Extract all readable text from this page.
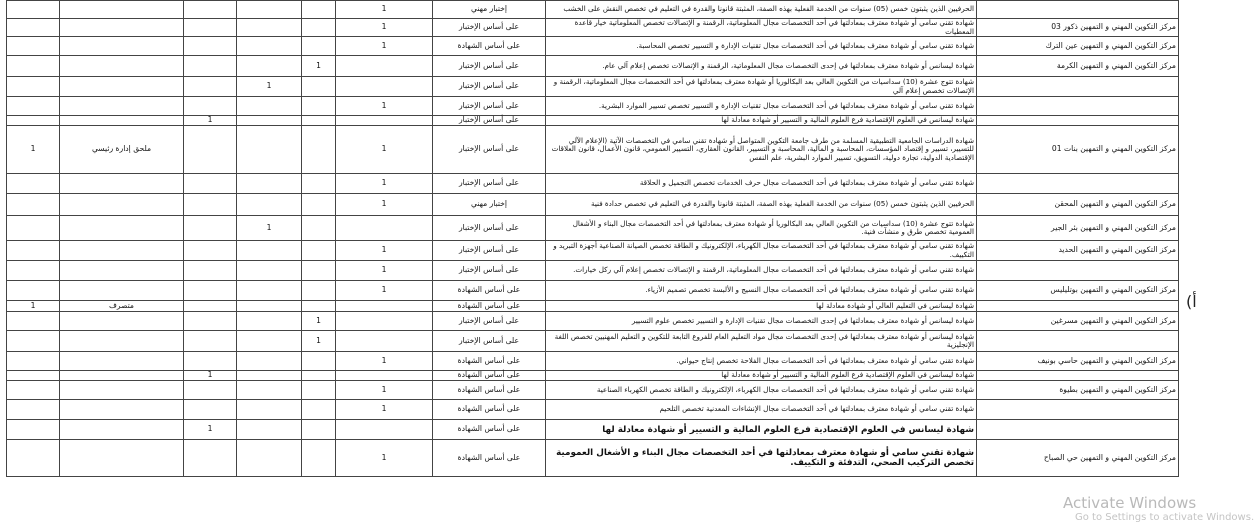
					1	إختبار مهني	الحرفيين الذين يثبتون خمس (05) سنوات من الخدمة الفعلية بهذه الصفة، المثبتة قانونا والقدرة في التعليم في تخصص النقش على الخشب	
					1	على أساس الإختبار	شهادة تقني سامي أو شهادة معترف بمعادلتها في أحد التخصصات مجال المعلوماتية، الرقمنة و الإتصالات تخصص المعلوماتية خيار قاعدة المعطيات	مركز التكوين المهني و التمهين ذكور 03
					1	على أساس الشهادة	شهادة تقني سامي أو شهادة معترف بمعادلتها في أحد التخصصات مجال تقنيات الإدارة و التسيير تخصص المحاسبة.	مركز التكوين المهني و التمهين عين الترك
				1		على أساس الإختبار	شهادة ليسانس أو شهادة معترف بمعادلتها في إحدى التخصصات مجال المعلوماتية، الرقمنة و الإتصالات تخصص إعلام آلي عام.	مركز التكوين المهني و التمهين الكرمة
			1			على أساس الإختبار	شهادة تتوج عشرة (10) سداسيات من التكوين العالي بعد البكالوريا أو شهادة معترف بمعادلتها في أحد التخصصات مجال المعلوماتية، الرقمنة و الإتصالات تخصص إعلام آلي	
					1	على أساس الإختبار	شهادة تقني سامي أو شهادة معترف بمعادلتها في أحد التخصصات مجال تقنيات الإدارة و التسيير تخصص تسيير الموارد البشرية.	
		1				على أساس الإختبار	شهادة ليسانس في العلوم الإقتصادية فرع العلوم المالية و التسيير أو شهادة معادلة لها	
1	ملحق إدارة رئيسي				1	على أساس الإختبار	شهادة الدراسات الجامعية التطبيقية المسلمة من طرف جامعة التكوين المتواصل أو شهادة تقني سامي في التخصصات الآتية (الإعلام الآلي للتسيير، تسيير و إقتصاد المؤسسات، المحاسبة و المالية، المحاسبة و التسيير، القانون العقاري، التسيير العمومي، قانون الأعمال، قانون العلاقات الإقتصادية الدولية، تجارة دولية، التسويق، تسيير الموارد البشرية، علم النفس	مركز التكوين المهني و التمهين بنات 01
					1	على أساس الإختبار	شهادة تقني سامي أو شهادة معترف بمعادلتها في أحد التخصصات مجال حرف الخدمات تخصص التجميل و الحلاقة	
					1	إختبار مهني	الحرفيين الذين يثبتون خمس (05) سنوات من الخدمة الفعلية بهذه الصفة، المثبتة قانونا والقدرة في التعليم في تخصص حدادة فنية	مركز التكوين المهني و التمهين المحقن
			1			على أساس الإختبار	شهادة تتوج عشرة (10) سداسيات من التكوين العالي بعد البكالوريا أو شهادة معترف بمعادلتها في أحد التخصصات مجال البناء و الأشغال العمومية تخصص طرق و منشآت فنية.	مركز التكوين المهني و التمهين بئر الجير
					1	على أساس الإختبار	شهادة تقني سامي أو شهادة معترف بمعادلتها في أحد التخصصات مجال الكهرباء، الإلكترونيك و الطاقة تخصص الصيانة الصناعية أجهزة التبريد و التكييف.	مركز التكوين المهني و التمهين الحديد
					1	على أساس الإختبار	شهادة تقني سامي أو شهادة معترف بمعادلتها في أحد التخصصات مجال المعلوماتية، الرقمنة و الإتصالات تخصص إعلام آلي ركل خيارات.	
					1	على أساس الشهادة	شهادة تقني سامي أو شهادة معترف بمعادلتها في أحد التخصصات مجال النسيج و الألبسة تخصص تصميم الأزياء.	مركز التكوين المهني و التمهين بوتليليس
1	متصرف					على أساس الشهادة	شهادة ليسانس في التعليم العالي أو شهادة معادلة لها	
				1		على أساس الإختبار	شهادة ليسانس أو شهادة معترف بمعادلتها في إحدى التخصصات مجال تقنيات الإدارة و التسيير تخصص علوم التسيير	مركز التكوين المهني و التمهين مسرغين
				1		على أساس الإختبار	شهادة ليسانس أو شهادة معترف بمعادلتها في إحدى التخصصات مجال مواد التعليم العام للفروع التابعة للتكوين و التعليم المهنيين تخصص اللغة الإنجليزية	
					1	على أساس الشهادة	شهادة تقني سامي أو شهادة معترف بمعادلتها في أحد التخصصات مجال الفلاحة تخصص إنتاج حيواني.	مركز التكوين المهني و التمهين حاسي بونيف
		1				على أساس الشهادة	شهادة ليسانس في العلوم الإقتصادية فرع العلوم المالية و التسيير أو شهادة معادلة لها	
					1	على أساس الشهادة	شهادة تقني سامي أو شهادة معترف بمعادلتها في أحد التخصصات مجال الكهرباء، الإلكترونيك و الطاقة تخصص الكهرباء الصناعية	مركز التكوين المهني و التمهين بطيوة
					1	على أساس الشهادة	شهادة تقني سامي أو شهادة معترف بمعادلتها في أحد التخصصات مجال الإنشاءات المعدنية تخصص التلحيم	
		1				على أساس الشهادة	شهادة ليسانس في العلوم الإقتصادية فرع العلوم المالية و التسيير أو شهادة معادلة لها	
					1	على أساس الشهادة	شهادة تقني سامي أو شهادة معترف بمعادلتها في أحد التخصصات مجال البناء و الأشغال العمومية تخصص التركيب الصحي، التدفئة و التكييف.	مركز التكوين المهني و التمهين حي الصباح
(أ
Activate Windows
Go to Settings to activate Windows.
